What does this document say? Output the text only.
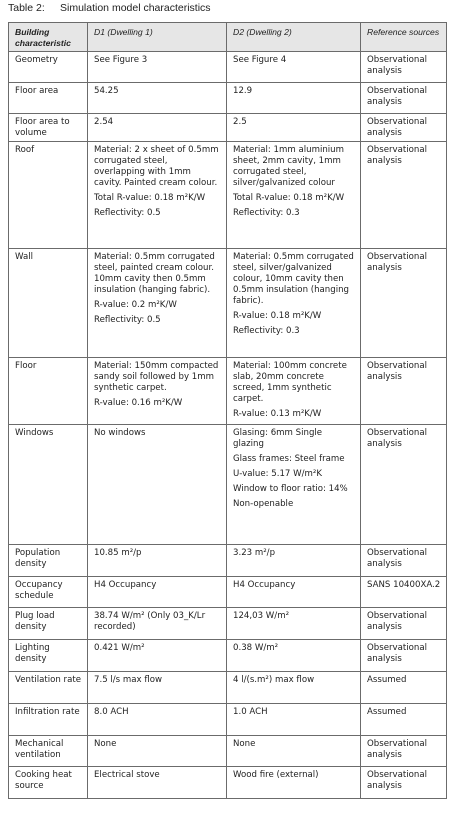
Table 2: Simulation model characteristics
Building characteristic	D1 (Dwelling 1)	D2 (Dwelling 2)	Reference sources
Geometry	See Figure 3	See Figure 4	Observational analysis
Floor area	54.25	12.9	Observational analysis
Floor area to volume	2.54	2.5	Observational analysis
Roof	Material: 2 x sheet of 0.5mm corrugated steel, overlapping with 1mm cavity. Painted cream colour.
Total R-value: 0.18 m²K/W
Reflectivity: 0.5	Material: 1mm aluminium sheet, 2mm cavity, 1mm corrugated steel, silver/galvanized colour
Total R-value: 0.18 m²K/W
Reflectivity: 0.3	Observational analysis
Wall	Material: 0.5mm corrugated steel, painted cream colour. 10mm cavity then 0.5mm insulation (hanging fabric).
R-value: 0.2 m²K/W
Reflectivity: 0.5	Material: 0.5mm corrugated steel, silver/galvanized colour, 10mm cavity then 0.5mm insulation (hanging fabric).
R-value: 0.18 m²K/W
Reflectivity: 0.3	Observational analysis
Floor	Material: 150mm compacted sandy soil followed by 1mm synthetic carpet.
R-value: 0.16 m²K/W	Material: 100mm concrete slab, 20mm concrete screed, 1mm synthetic carpet.
R-value: 0.13 m²K/W	Observational analysis
Windows	No windows	Glasing: 6mm Single glazing
Glass frames: Steel frame
U-value: 5.17 W/m²K
Window to floor ratio: 14%
Non-openable	Observational analysis
Population density	10.85 m²/p	3.23 m²/p	Observational analysis
Occupancy schedule	H4 Occupancy	H4 Occupancy	SANS 10400XA.2
Plug load density	38.74 W/m² (Only 03_K/Lr recorded)	124,03 W/m²	Observational analysis
Lighting density	0.421 W/m²	0.38 W/m²	Observational analysis
Ventilation rate	7.5 l/s max flow	4 l/(s.m²) max flow	Assumed
Infiltration rate	8.0 ACH	1.0 ACH	Assumed
Mechanical ventilation	None	None	Observational analysis
Cooking heat source	Electrical stove	Wood fire (external)	Observational analysis
